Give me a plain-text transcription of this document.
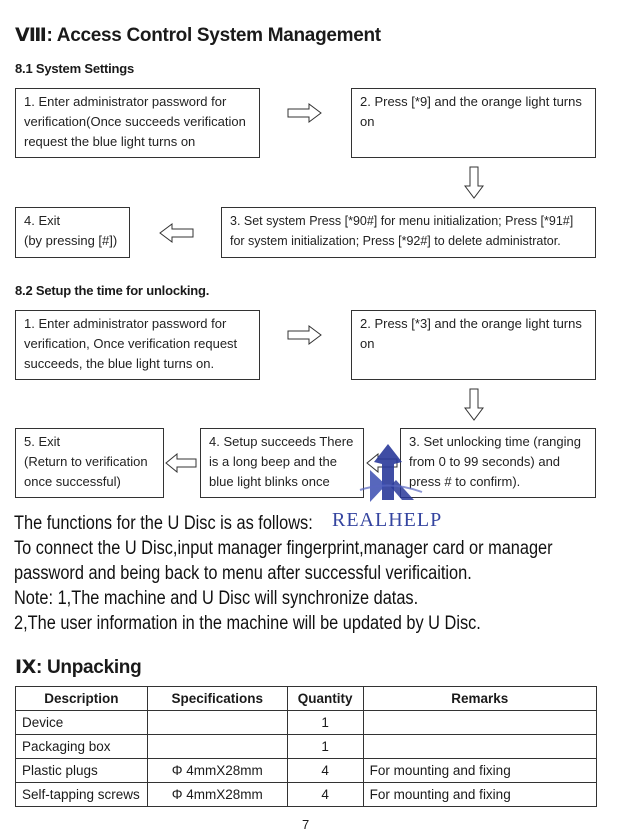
Ⅷ: Access Control System Management
8.1 System Settings
1. Enter administrator password for verification(Once succeeds verification request the blue light turns on
2. Press [*9] and the orange light turns on
3. Set system Press [*90#] for menu initialization; Press [*91#] for system initialization; Press [*92#] to delete administrator.
4. Exit
(by pressing [#])
8.2 Setup the time for unlocking.
1. Enter administrator password for verification, Once verification request succeeds, the blue light turns on.
2. Press [*3] and the orange light turns on
5. Exit
(Return to verification once successful)
4. Setup succeeds There is a long beep and the blue light blinks once
3. Set unlocking time (ranging from 0 to 99 seconds) and press # to confirm).
REALHELP
The functions for the U Disc is as follows:
To connect the U Disc,input manager fingerprint,manager card or manager
password and being back to menu after successful verificaition.
Note: 1,The machine and U Disc will synchronize datas.
2,The user information in the machine will be updated by U Disc.
Ⅸ: Unpacking
Description	Specifications	Quantity	Remarks
Device		1	
Packaging box		1	
Plastic plugs	Φ 4mmX28mm	4	For mounting and fixing
Self-tapping screws	Φ 4mmX28mm	4	For mounting and fixing
7
